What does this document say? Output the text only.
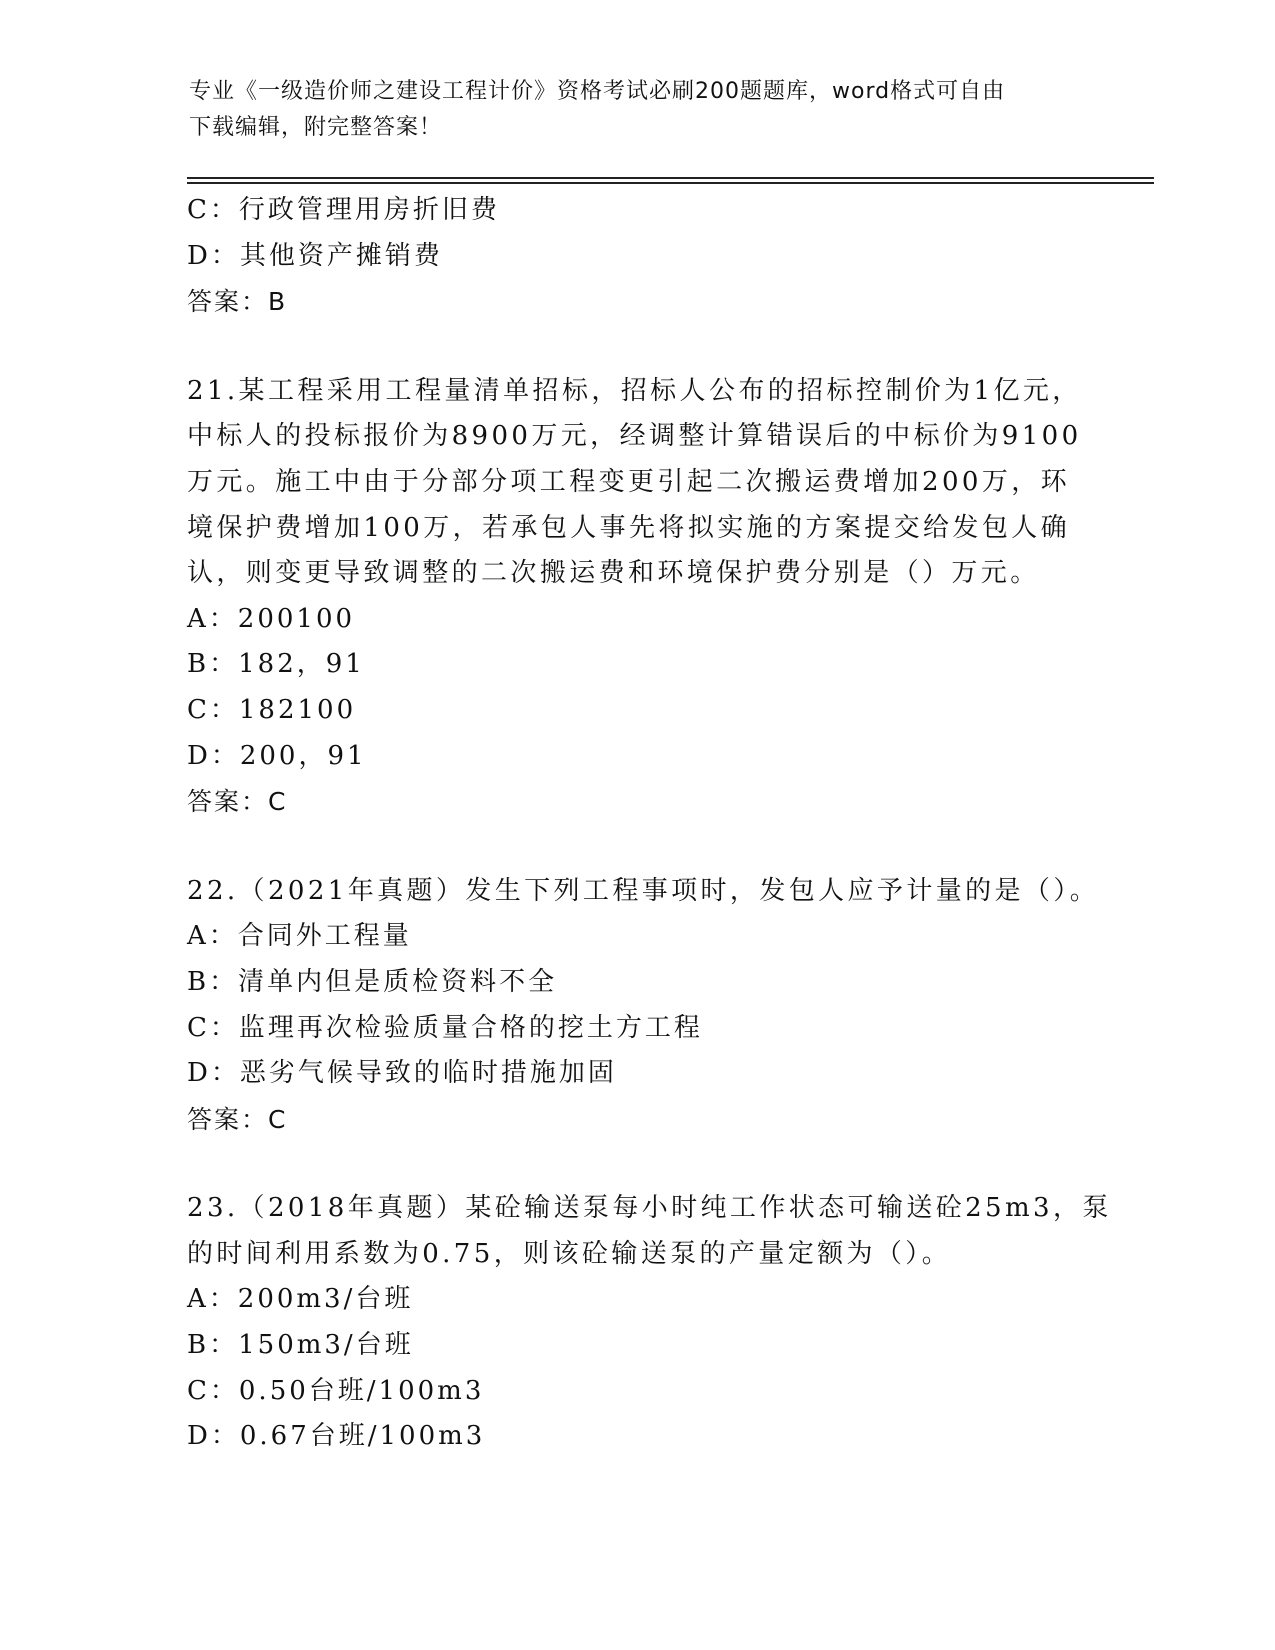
专业《一级造价师之建设工程计价》资格考试必刷200题题库，word格式可自由
下载编辑，附完整答案！
C：行政管理用房折旧费
D：其他资产摊销费
答案：B
21.某工程采用工程量清单招标，招标人公布的招标控制价为1亿元，
中标人的投标报价为8900万元，经调整计算错误后的中标价为9100
万元。施工中由于分部分项工程变更引起二次搬运费增加200万，环
境保护费增加100万，若承包人事先将拟实施的方案提交给发包人确
认，则变更导致调整的二次搬运费和环境保护费分别是（）万元。
A：200100
B：182，91
C：182100
D：200，91
答案：C
22.（2021年真题）发生下列工程事项时，发包人应予计量的是（）。
A：合同外工程量
B：清单内但是质检资料不全
C：监理再次检验质量合格的挖土方工程
D：恶劣气候导致的临时措施加固
答案：C
23.（2018年真题）某砼输送泵每小时纯工作状态可输送砼25m3，泵
的时间利用系数为0.75，则该砼输送泵的产量定额为（）。
A：200m3/台班
B：150m3/台班
C：0.50台班/100m3
D：0.67台班/100m3
